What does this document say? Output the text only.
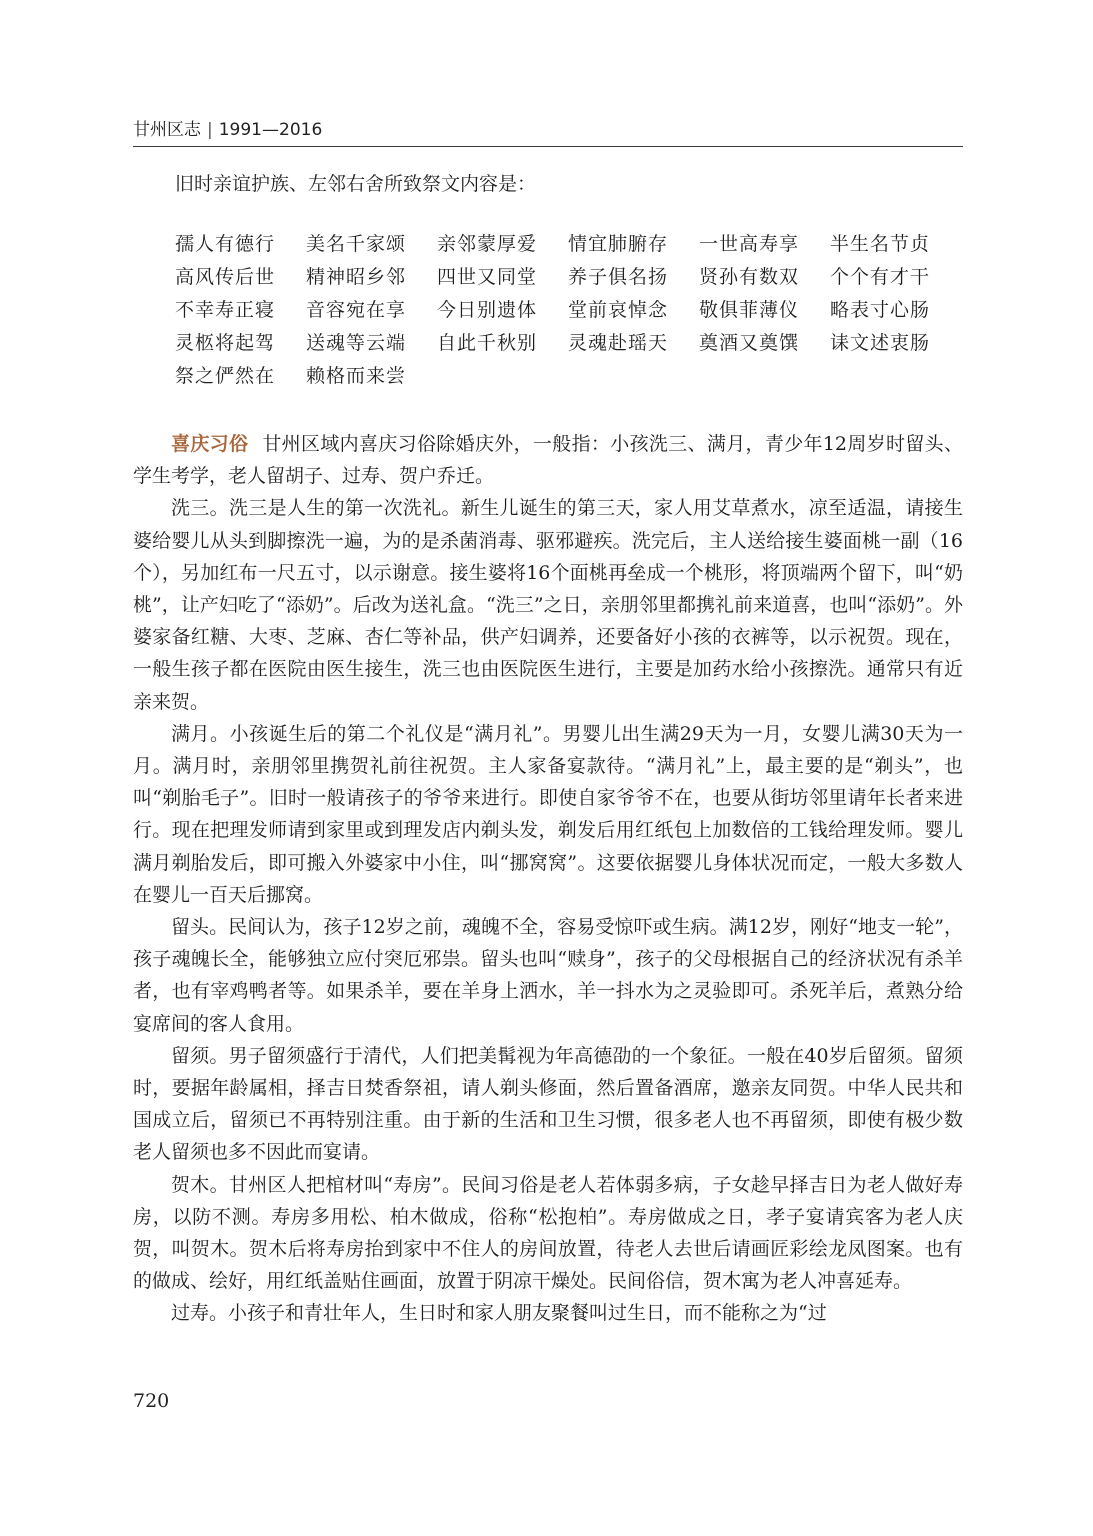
甘州区志 | 1991—2016

旧时亲谊护族、左邻右舍所致祭文内容是：

孺人有德行 美名千家颂 亲邻蒙厚爱 情宜肺腑存 一世高寿享 半生名节贞
高风传后世 精神昭乡邻 四世又同堂 养子俱名扬 贤孙有数双 个个有才干
不幸寿正寝 音容宛在享 今日别遗体 堂前哀悼念 敬俱菲薄仪 略表寸心肠
灵柩将起驾 送魂等云端 自此千秋别 灵魂赴瑶天 奠酒又奠馔 诔文述衷肠
祭之俨然在 赖格而来尝

喜庆习俗 甘州区域内喜庆习俗除婚庆外，一般指：小孩洗三、满月，青少年12周岁时留头、学生考学，老人留胡子、过寿、贺户乔迁。

洗三。洗三是人生的第一次洗礼。新生儿诞生的第三天，家人用艾草煮水，凉至适温，请接生婆给婴儿从头到脚擦洗一遍，为的是杀菌消毒、驱邪避疾。洗完后，主人送给接生婆面桃一副（16个），另加红布一尺五寸，以示谢意。接生婆将16个面桃再垒成一个桃形，将顶端两个留下，叫“奶桃”，让产妇吃了“添奶”。后改为送礼盒。“洗三”之日，亲朋邻里都携礼前来道喜，也叫“添奶”。外婆家备红糖、大枣、芝麻、杏仁等补品，供产妇调养，还要备好小孩的衣裤等，以示祝贺。现在，一般生孩子都在医院由医生接生，洗三也由医院医生进行，主要是加药水给小孩擦洗。通常只有近亲来贺。

满月。小孩诞生后的第二个礼仪是“满月礼”。男婴儿出生满29天为一月，女婴儿满30天为一月。满月时，亲朋邻里携贺礼前往祝贺。主人家备宴款待。“满月礼”上，最主要的是“剃头”，也叫“剃胎毛子”。旧时一般请孩子的爷爷来进行。即使自家爷爷不在，也要从街坊邻里请年长者来进行。现在把理发师请到家里或到理发店内剃头发，剃发后用红纸包上加数倍的工钱给理发师。婴儿满月剃胎发后，即可搬入外婆家中小住，叫“挪窝窝”。这要依据婴儿身体状况而定，一般大多数人在婴儿一百天后挪窝。

留头。民间认为，孩子12岁之前，魂魄不全，容易受惊吓或生病。满12岁，刚好“地支一轮”，孩子魂魄长全，能够独立应付突厄邪祟。留头也叫“赎身”，孩子的父母根据自己的经济状况有杀羊者，也有宰鸡鸭者等。如果杀羊，要在羊身上洒水，羊一抖水为之灵验即可。杀死羊后，煮熟分给宴席间的客人食用。

留须。男子留须盛行于清代，人们把美髯视为年高德劭的一个象征。一般在40岁后留须。留须时，要据年龄属相，择吉日焚香祭祖，请人剃头修面，然后置备酒席，邀亲友同贺。中华人民共和国成立后，留须已不再特别注重。由于新的生活和卫生习惯，很多老人也不再留须，即使有极少数老人留须也多不因此而宴请。

贺木。甘州区人把棺材叫“寿房”。民间习俗是老人若体弱多病，子女趁早择吉日为老人做好寿房，以防不测。寿房多用松、柏木做成，俗称“松抱柏”。寿房做成之日，孝子宴请宾客为老人庆贺，叫贺木。贺木后将寿房抬到家中不住人的房间放置，待老人去世后请画匠彩绘龙凤图案。也有的做成、绘好，用红纸盖贴住画面，放置于阴凉干燥处。民间俗信，贺木寓为老人冲喜延寿。

过寿。小孩子和青壮年人，生日时和家人朋友聚餐叫过生日，而不能称之为“过

720
